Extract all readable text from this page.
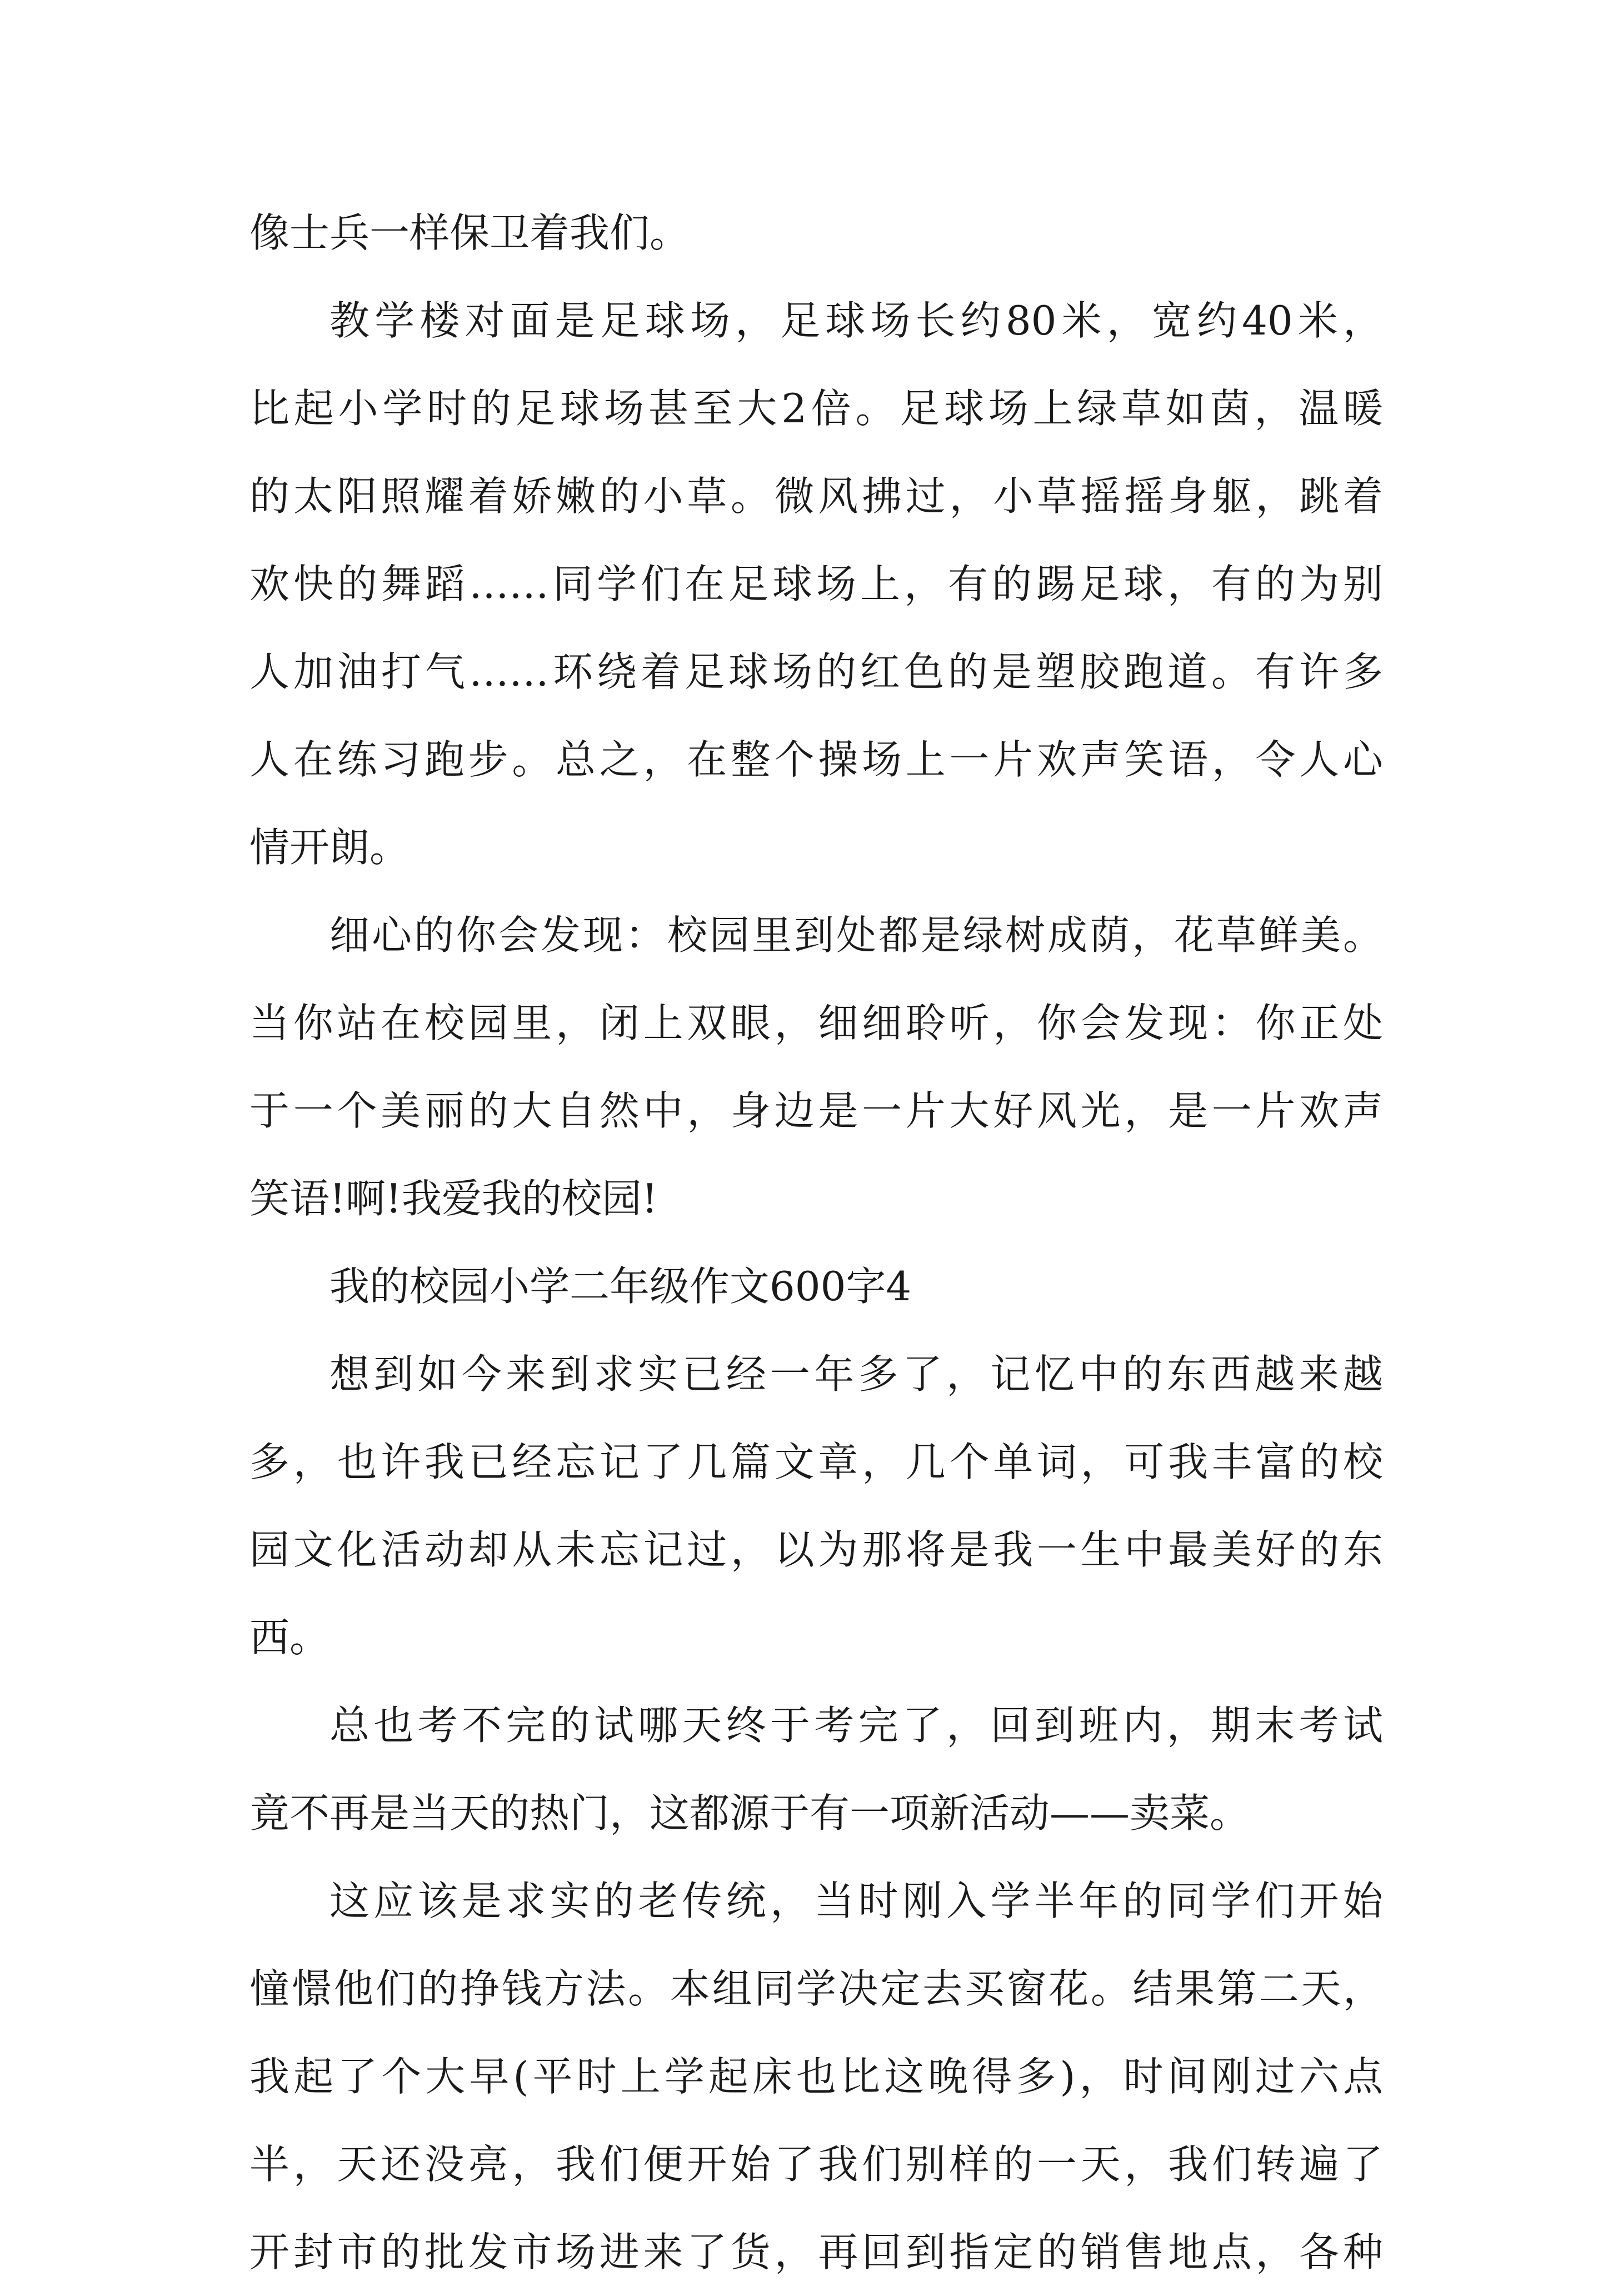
像士兵一样保卫着我们。
教学楼对面是足球场，足球场长约80米，宽约40米，
比起小学时的足球场甚至大2倍。足球场上绿草如茵，温暖
的太阳照耀着娇嫩的小草。微风拂过，小草摇摇身躯，跳着
欢快的舞蹈……同学们在足球场上，有的踢足球，有的为别
人加油打气……环绕着足球场的红色的是塑胶跑道。有许多
人在练习跑步。总之，在整个操场上一片欢声笑语，令人心
情开朗。
细心的你会发现：校园里到处都是绿树成荫，花草鲜美。
当你站在校园里，闭上双眼，细细聆听，你会发现：你正处
于一个美丽的大自然中，身边是一片大好风光，是一片欢声
笑语!啊!我爱我的校园!
我的校园小学二年级作文600字4
想到如今来到求实已经一年多了，记忆中的东西越来越
多，也许我已经忘记了几篇文章，几个单词，可我丰富的校
园文化活动却从未忘记过，以为那将是我一生中最美好的东
西。
总也考不完的试哪天终于考完了，回到班内，期末考试
竟不再是当天的热门，这都源于有一项新活动——卖菜。
这应该是求实的老传统，当时刚入学半年的同学们开始
憧憬他们的挣钱方法。本组同学决定去买窗花。结果第二天，
我起了个大早(平时上学起床也比这晚得多)，时间刚过六点
半，天还没亮，我们便开始了我们别样的一天，我们转遍了
开封市的批发市场进来了货，再回到指定的销售地点，各种
